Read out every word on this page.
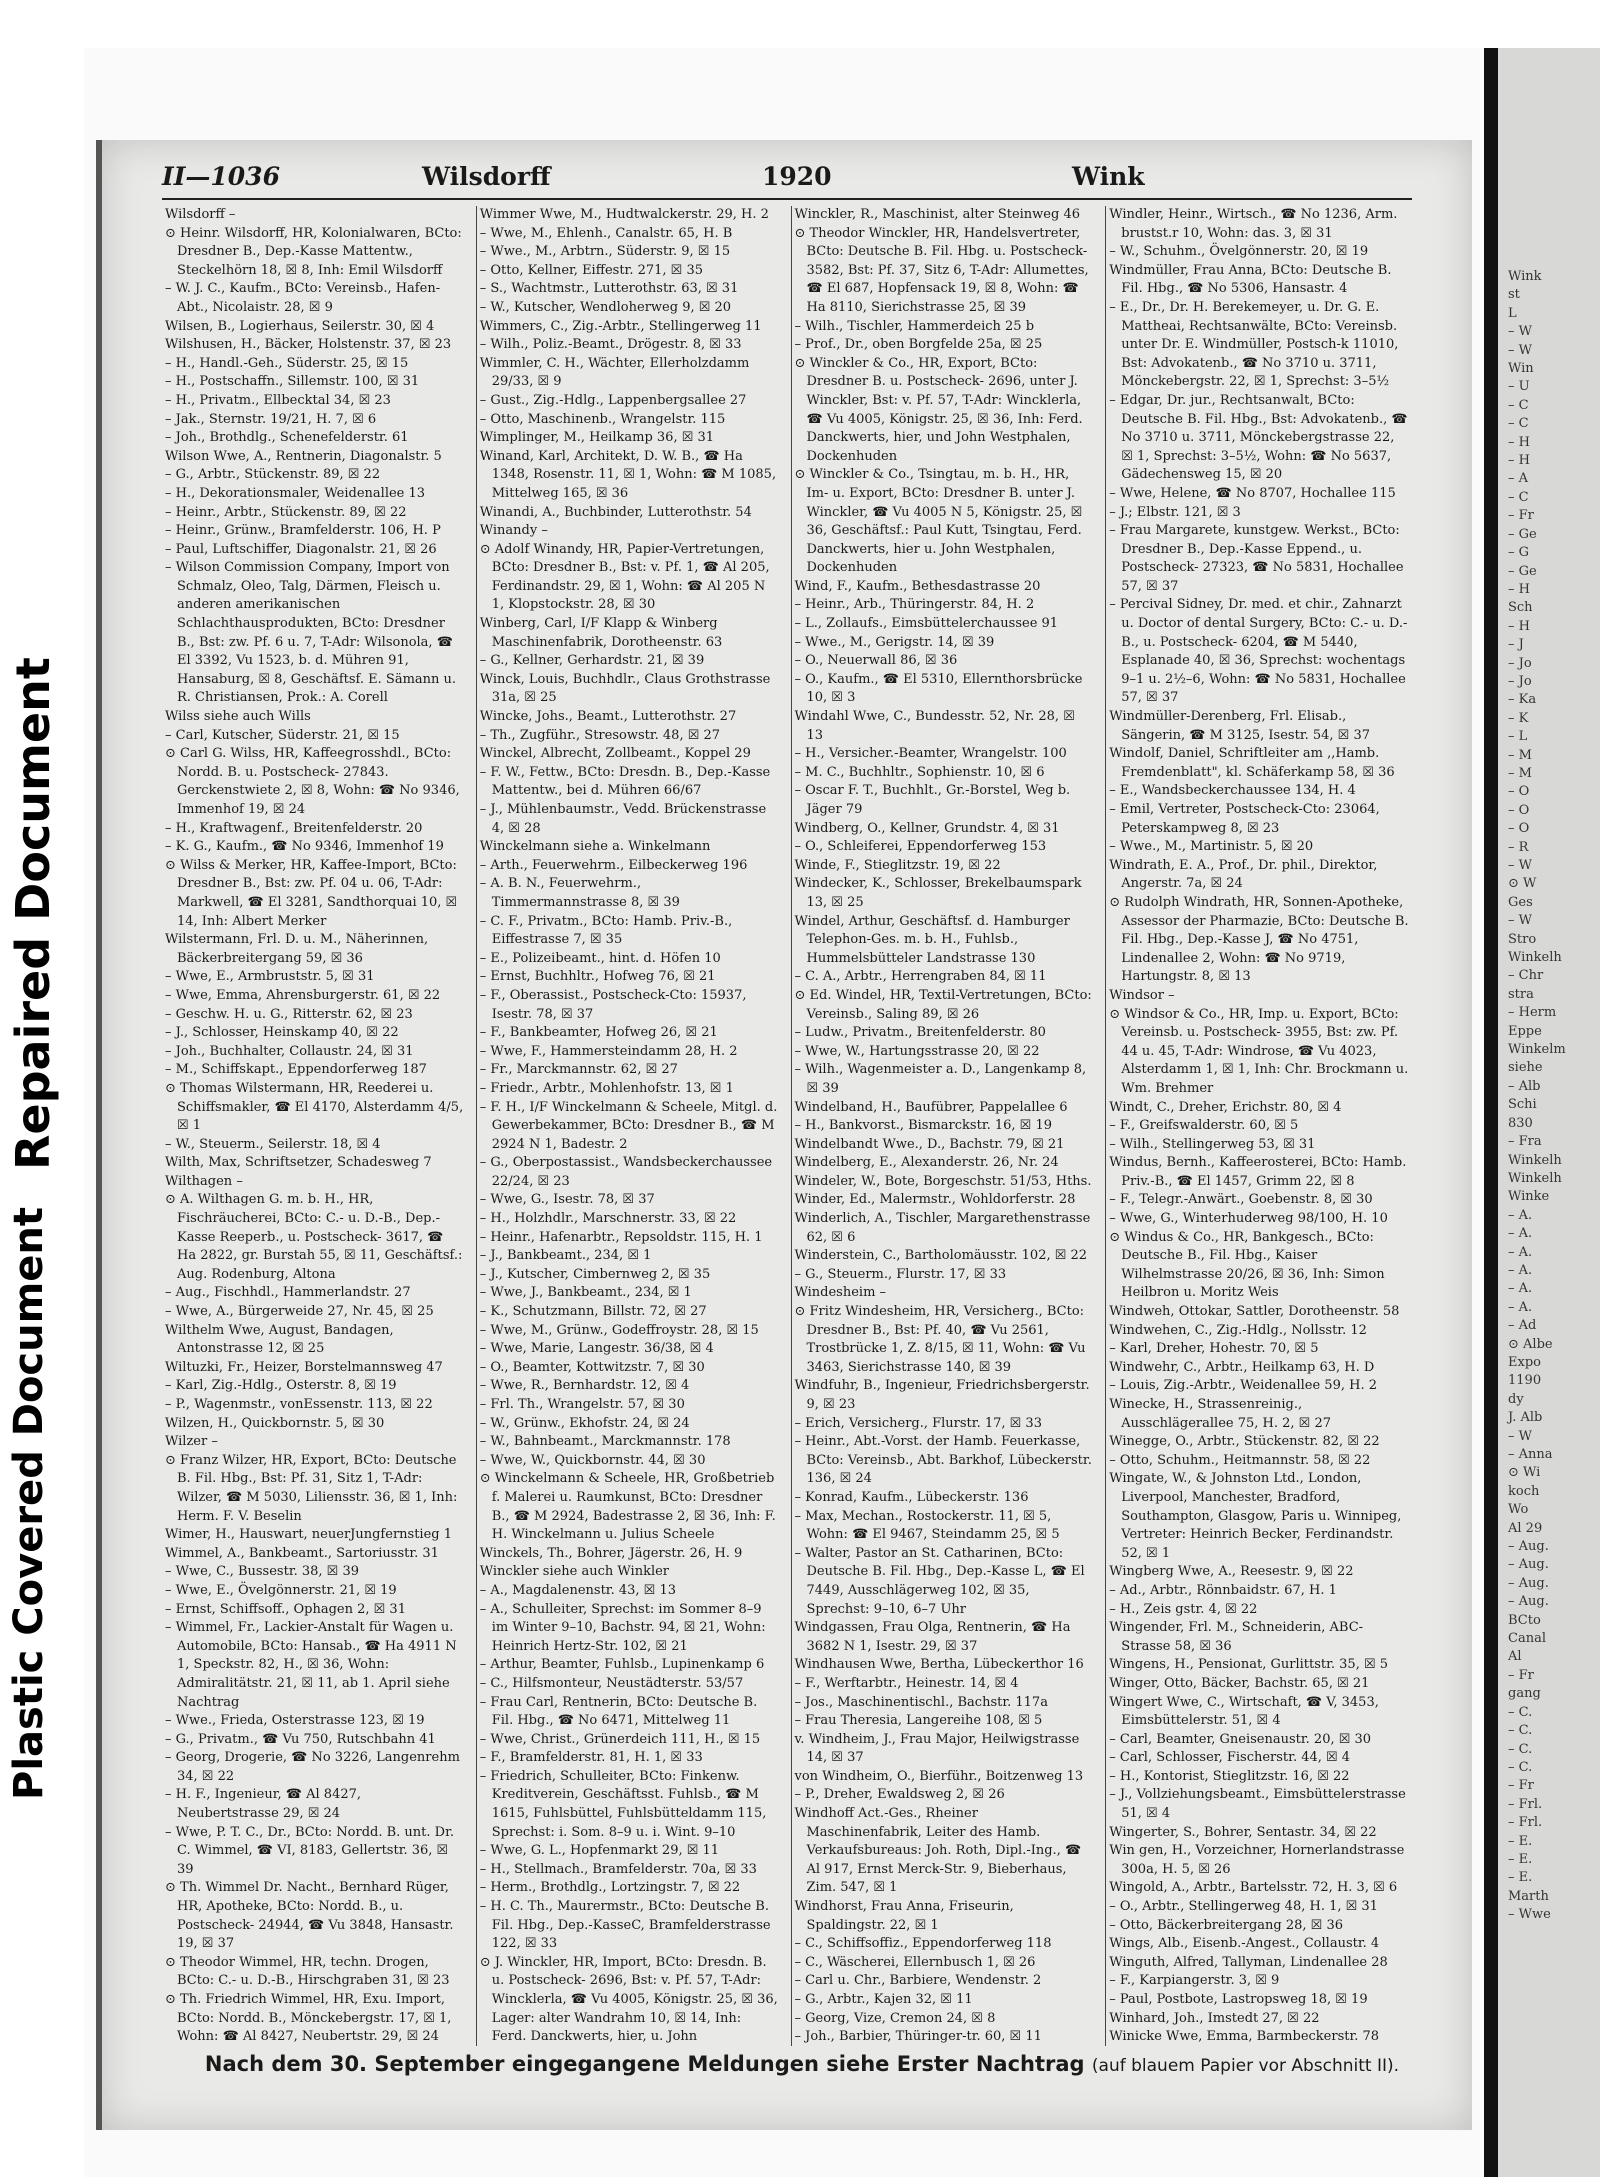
Repaired Document
Plastic Covered Document
II—1036	Wilsdorff	1920	Wink

Wilsdorff –

⊙ Heinr. Wilsdorff, HR, Kolonialwaren, BCto: Dresdner B., Dep.-Kasse Mattentw., Steckelhörn 18, ☒ 8, Inh: Emil Wilsdorff

– W. J. C., Kaufm., BCto: Vereinsb., Hafen-Abt., Nicolaistr. 28, ☒ 9

Wilsen, B., Logierhaus, Seilerstr. 30, ☒ 4

Wilshusen, H., Bäcker, Holstenstr. 37, ☒ 23

– H., Handl.-Geh., Süderstr. 25, ☒ 15

– H., Postschaffn., Sillemstr. 100, ☒ 31

– H., Privatm., Ellbecktal 34, ☒ 23

– Jak., Sternstr. 19/21, H. 7, ☒ 6

– Joh., Brothdlg., Schenefelderstr. 61

Wilson Wwe, A., Rentnerin, Diagonalstr. 5

– G., Arbtr., Stückenstr. 89, ☒ 22

– H., Dekorationsmaler, Weidenallee 13

– Heinr., Arbtr., Stückenstr. 89, ☒ 22

– Heinr., Grünw., Bramfelderstr. 106, H. P

– Paul, Luftschiffer, Diagonalstr. 21, ☒ 26

– Wilson Commission Company, Import von Schmalz, Oleo, Talg, Därmen, Fleisch u. anderen amerikanischen Schlachthausprodukten, BCto: Dresdner B., Bst: zw. Pf. 6 u. 7, T-Adr: Wilsonola, ☎ El 3392, Vu 1523, b. d. Mühren 91, Hansaburg, ☒ 8, Geschäftsf. E. Sämann u. R. Christiansen, Prok.: A. Corell

Wilss siehe auch Wills

– Carl, Kutscher, Süderstr. 21, ☒ 15

⊙ Carl G. Wilss, HR, Kaffeegrosshdl., BCto: Nordd. B. u. Postscheck- 27843. Gerckenstwiete 2, ☒ 8, Wohn: ☎ No 9346, Immenhof 19, ☒ 24

– H., Kraftwagenf., Breitenfelderstr. 20

– K. G., Kaufm., ☎ No 9346, Immenhof 19

⊙ Wilss & Merker, HR, Kaffee-Import, BCto: Dresdner B., Bst: zw. Pf. 04 u. 06, T-Adr: Markwell, ☎ El 3281, Sandthorquai 10, ☒ 14, Inh: Albert Merker

Wilstermann, Frl. D. u. M., Näherinnen, Bäckerbreitergang 59, ☒ 36

– Wwe, E., Armbruststr. 5, ☒ 31

– Wwe, Emma, Ahrensburgerstr. 61, ☒ 22

– Geschw. H. u. G., Ritterstr. 62, ☒ 23

– J., Schlosser, Heinskamp 40, ☒ 22

– Joh., Buchhalter, Collaustr. 24, ☒ 31

– M., Schiffskapt., Eppendorferweg 187

⊙ Thomas Wilstermann, HR, Reederei u. Schiffsmakler, ☎ El 4170, Alsterdamm 4/5, ☒ 1

– W., Steuerm., Seilerstr. 18, ☒ 4

Wilth, Max, Schriftsetzer, Schadesweg 7

Wilthagen –

⊙ A. Wilthagen G. m. b. H., HR, Fischräucherei, BCto: C.- u. D.-B., Dep.-Kasse Reeperb., u. Postscheck- 3617, ☎ Ha 2822, gr. Burstah 55, ☒ 11, Geschäftsf.: Aug. Rodenburg, Altona

– Aug., Fischhdl., Hammerlandstr. 27

– Wwe, A., Bürgerweide 27, Nr. 45, ☒ 25

Wilthelm Wwe, August, Bandagen, Antonstrasse 12, ☒ 25

Wiltuzki, Fr., Heizer, Borstelmannsweg 47

– Karl, Zig.-Hdlg., Osterstr. 8, ☒ 19

– P., Wagenmstr., vonEssenstr. 113, ☒ 22

Wilzen, H., Quickbornstr. 5, ☒ 30

Wilzer –

⊙ Franz Wilzer, HR, Export, BCto: Deutsche B. Fil. Hbg., Bst: Pf. 31, Sitz 1, T-Adr: Wilzer, ☎ M 5030, Liliensstr. 36, ☒ 1, Inh: Herm. F. V. Beselin

Wimer, H., Hauswart, neuerJungfernstieg 1

Wimmel, A., Bankbeamt., Sartoriusstr. 31

– Wwe, C., Bussestr. 38, ☒ 39

– Wwe, E., Övelgönnerstr. 21, ☒ 19

– Ernst, Schiffsoff., Ophagen 2, ☒ 31

– Wimmel, Fr., Lackier-Anstalt für Wagen u. Automobile, BCto: Hansab., ☎ Ha 4911 N 1, Speckstr. 82, H., ☒ 36, Wohn: Admiralitätstr. 21, ☒ 11, ab 1. April siehe Nachtrag

– Wwe., Frieda, Osterstrasse 123, ☒ 19

– G., Privatm., ☎ Vu 750, Rutschbahn 41

– Georg, Drogerie, ☎ No 3226, Langenrehm 34, ☒ 22

– H. F., Ingenieur, ☎ Al 8427, Neubertstrasse 29, ☒ 24

– Wwe, P. T. C., Dr., BCto: Nordd. B. unt. Dr. C. Wimmel, ☎ VI, 8183, Gellertstr. 36, ☒ 39

⊙ Th. Wimmel Dr. Nacht., Bernhard Rüger, HR, Apotheke, BCto: Nordd. B., u. Postscheck- 24944, ☎ Vu 3848, Hansastr. 19, ☒ 37

⊙ Theodor Wimmel, HR, techn. Drogen, BCto: C.- u. D.-B., Hirschgraben 31, ☒ 23

⊙ Th. Friedrich Wimmel, HR, Exu. Import, BCto: Nordd. B., Mönckebergstr. 17, ☒ 1, Wohn: ☎ Al 8427, Neubertstr. 29, ☒ 24

Wimmer Wwe, M., Hudtwalckerstr. 29, H. 2

– Wwe, M., Ehlenh., Canalstr. 65, H. B

– Wwe., M., Arbtrn., Süderstr. 9, ☒ 15

– Otto, Kellner, Eiffestr. 271, ☒ 35

– S., Wachtmstr., Lutterothstr. 63, ☒ 31

– W., Kutscher, Wendloherweg 9, ☒ 20

Wimmers, C., Zig.-Arbtr., Stellingerweg 11

– Wilh., Poliz.-Beamt., Drögestr. 8, ☒ 33

Wimmler, C. H., Wächter, Ellerholzdamm 29/33, ☒ 9

– Gust., Zig.-Hdlg., Lappenbergsallee 27

– Otto, Maschinenb., Wrangelstr. 115

Wimplinger, M., Heilkamp 36, ☒ 31

Winand, Karl, Architekt, D. W. B., ☎ Ha 1348, Rosenstr. 11, ☒ 1, Wohn: ☎ M 1085, Mittelweg 165, ☒ 36

Winandi, A., Buchbinder, Lutterothstr. 54

Winandy –

⊙ Adolf Winandy, HR, Papier-Vertretungen, BCto: Dresdner B., Bst: v. Pf. 1, ☎ Al 205, Ferdinandstr. 29, ☒ 1, Wohn: ☎ Al 205 N 1, Klopstockstr. 28, ☒ 30

Winberg, Carl, I/F Klapp & Winberg Maschinenfabrik, Dorotheenstr. 63

– G., Kellner, Gerhardstr. 21, ☒ 39

Winck, Louis, Buchhdlr., Claus Grothstrasse 31a, ☒ 25

Wincke, Johs., Beamt., Lutterothstr. 27

– Th., Zugführ., Stresowstr. 48, ☒ 27

Winckel, Albrecht, Zollbeamt., Koppel 29

– F. W., Fettw., BCto: Dresdn. B., Dep.-Kasse Mattentw., bei d. Mühren 66/67

– J., Mühlenbaumstr., Vedd. Brückenstrasse 4, ☒ 28

Winckelmann siehe a. Winkelmann

– Arth., Feuerwehrm., Eilbeckerweg 196

– A. B. N., Feuerwehrm., Timmermannstrasse 8, ☒ 39

– C. F., Privatm., BCto: Hamb. Priv.-B., Eiffestrasse 7, ☒ 35

– E., Polizeibeamt., hint. d. Höfen 10

– Ernst, Buchhltr., Hofweg 76, ☒ 21

– F., Oberassist., Postscheck-Cto: 15937, Isestr. 78, ☒ 37

– F., Bankbeamter, Hofweg 26, ☒ 21

– Wwe, F., Hammersteindamm 28, H. 2

– Fr., Marckmannstr. 62, ☒ 27

– Friedr., Arbtr., Mohlenhofstr. 13, ☒ 1

– F. H., I/F Winckelmann & Scheele, Mitgl. d. Gewerbekammer, BCto: Dresdner B., ☎ M 2924 N 1, Badestr. 2

– G., Oberpostassist., Wandsbeckerchaussee 22/24, ☒ 23

– Wwe, G., Isestr. 78, ☒ 37

– H., Holzhdlr., Marschnerstr. 33, ☒ 22

– Heinr., Hafenarbtr., Repsoldstr. 115, H. 1

– J., Bankbeamt., 234, ☒ 1

– J., Kutscher, Cimbernweg 2, ☒ 35

– Wwe, J., Bankbeamt., 234, ☒ 1

– K., Schutzmann, Billstr. 72, ☒ 27

– Wwe, M., Grünw., Godeffroystr. 28, ☒ 15

– Wwe, Marie, Langestr. 36/38, ☒ 4

– O., Beamter, Kottwitzstr. 7, ☒ 30

– Wwe, R., Bernhardstr. 12, ☒ 4

– Frl. Th., Wrangelstr. 57, ☒ 30

– W., Grünw., Ekhofstr. 24, ☒ 24

– W., Bahnbeamt., Marckmannstr. 178

– Wwe, W., Quickbornstr. 44, ☒ 30

⊙ Winckelmann & Scheele, HR, Großbetrieb f. Malerei u. Raumkunst, BCto: Dresdner B., ☎ M 2924, Badestrasse 2, ☒ 36, Inh: F. H. Winckelmann u. Julius Scheele

Winckels, Th., Bohrer, Jägerstr. 26, H. 9

Winckler siehe auch Winkler

– A., Magdalenenstr. 43, ☒ 13

– A., Schulleiter, Sprechst: im Sommer 8–9 im Winter 9–10, Bachstr. 94, ☒ 21, Wohn: Heinrich Hertz-Str. 102, ☒ 21

– Arthur, Beamter, Fuhlsb., Lupinenkamp 6

– C., Hilfsmonteur, Neustädterstr. 53/57

– Frau Carl, Rentnerin, BCto: Deutsche B. Fil. Hbg., ☎ No 6471, Mittelweg 11

– Wwe, Christ., Grünerdeich 111, H., ☒ 15

– F., Bramfelderstr. 81, H. 1, ☒ 33

– Friedrich, Schulleiter, BCto: Finkenw. Kreditverein, Geschäftsst. Fuhlsb., ☎ M 1615, Fuhlsbüttel, Fuhlsbütteldamm 115, Sprechst: i. Som. 8–9 u. i. Wint. 9–10

– Wwe, G. L., Hopfenmarkt 29, ☒ 11

– H., Stellmach., Bramfelderstr. 70a, ☒ 33

– Herm., Brothdlg., Lortzingstr. 7, ☒ 22

– H. C. Th., Maurermstr., BCto: Deutsche B. Fil. Hbg., Dep.-KasseC, Bramfelderstrasse 122, ☒ 33

⊙ J. Winckler, HR, Import, BCto: Dresdn. B. u. Postscheck- 2696, Bst: v. Pf. 57, T-Adr: Wincklerla, ☎ Vu 4005, Königstr. 25, ☒ 36, Lager: alter Wandrahm 10, ☒ 14, Inh: Ferd. Danckwerts, hier, u. John

Winckler, R., Maschinist, alter Steinweg 46

⊙ Theodor Winckler, HR, Handelsvertreter, BCto: Deutsche B. Fil. Hbg. u. Postscheck- 3582, Bst: Pf. 37, Sitz 6, T-Adr: Allumettes, ☎ El 687, Hopfensack 19, ☒ 8, Wohn: ☎ Ha 8110, Sierichstrasse 25, ☒ 39

– Wilh., Tischler, Hammerdeich 25 b

– Prof., Dr., oben Borgfelde 25a, ☒ 25

⊙ Winckler & Co., HR, Export, BCto: Dresdner B. u. Postscheck- 2696, unter J. Winckler, Bst: v. Pf. 57, T-Adr: Wincklerla, ☎ Vu 4005, Königstr. 25, ☒ 36, Inh: Ferd. Danckwerts, hier, und John Westphalen, Dockenhuden

⊙ Winckler & Co., Tsingtau, m. b. H., HR, Im- u. Export, BCto: Dresdner B. unter J. Winckler, ☎ Vu 4005 N 5, Königstr. 25, ☒ 36, Geschäftsf.: Paul Kutt, Tsingtau, Ferd. Danckwerts, hier u. John Westphalen, Dockenhuden

Wind, F., Kaufm., Bethesdastrasse 20

– Heinr., Arb., Thüringerstr. 84, H. 2

– L., Zollaufs., Eimsbüttelerchaussee 91

– Wwe., M., Gerigstr. 14, ☒ 39

– O., Neuerwall 86, ☒ 36

– O., Kaufm., ☎ El 5310, Ellernthorsbrücke 10, ☒ 3

Windahl Wwe, C., Bundesstr. 52, Nr. 28, ☒ 13

– H., Versicher.-Beamter, Wrangelstr. 100

– M. C., Buchhltr., Sophienstr. 10, ☒ 6

– Oscar F. T., Buchhlt., Gr.-Borstel, Weg b. Jäger 79

Windberg, O., Kellner, Grundstr. 4, ☒ 31

– O., Schleiferei, Eppendorferweg 153

Winde, F., Stieglitzstr. 19, ☒ 22

Windecker, K., Schlosser, Brekelbaumspark 13, ☒ 25

Windel, Arthur, Geschäftsf. d. Hamburger Telephon-Ges. m. b. H., Fuhlsb., Hummelsbütteler Landstrasse 130

– C. A., Arbtr., Herrengraben 84, ☒ 11

⊙ Ed. Windel, HR, Textil-Vertretungen, BCto: Vereinsb., Saling 89, ☒ 26

– Ludw., Privatm., Breitenfelderstr. 80

– Wwe, W., Hartungsstrasse 20, ☒ 22

– Wilh., Wagenmeister a. D., Langenkamp 8, ☒ 39

Windelband, H., Baufübrer, Pappelallee 6

– H., Bankvorst., Bismarckstr. 16, ☒ 19

Windelbandt Wwe., D., Bachstr. 79, ☒ 21

Windelberg, E., Alexanderstr. 26, Nr. 24

Windeler, W., Bote, Borgeschstr. 51/53, Hths.

Winder, Ed., Malermstr., Wohldorferstr. 28

Winderlich, A., Tischler, Margarethenstrasse 62, ☒ 6

Winderstein, C., Bartholomäusstr. 102, ☒ 22

– G., Steuerm., Flurstr. 17, ☒ 33

Windesheim –

⊙ Fritz Windesheim, HR, Versicherg., BCto: Dresdner B., Bst: Pf. 40, ☎ Vu 2561, Trostbrücke 1, Z. 8/15, ☒ 11, Wohn: ☎ Vu 3463, Sierichstrasse 140, ☒ 39

Windfuhr, B., Ingenieur, Friedrichsbergerstr. 9, ☒ 23

– Erich, Versicherg., Flurstr. 17, ☒ 33

– Heinr., Abt.-Vorst. der Hamb. Feuerkasse, BCto: Vereinsb., Abt. Barkhof, Lübeckerstr. 136, ☒ 24

– Konrad, Kaufm., Lübeckerstr. 136

– Max, Mechan., Rostockerstr. 11, ☒ 5, Wohn: ☎ El 9467, Steindamm 25, ☒ 5

– Walter, Pastor an St. Catharinen, BCto: Deutsche B. Fil. Hbg., Dep.-Kasse L, ☎ El 7449, Ausschlägerweg 102, ☒ 35, Sprechst: 9–10, 6–7 Uhr

Windgassen, Frau Olga, Rentnerin, ☎ Ha 3682 N 1, Isestr. 29, ☒ 37

Windhausen Wwe, Bertha, Lübeckerthor 16

– F., Werftarbtr., Heinestr. 14, ☒ 4

– Jos., Maschinentischl., Bachstr. 117a

– Frau Theresia, Langereihe 108, ☒ 5

v. Windheim, J., Frau Major, Heilwigstrasse 14, ☒ 37

von Windheim, O., Bierführ., Boitzenweg 13

– P., Dreher, Ewaldsweg 2, ☒ 26

Windhoff Act.-Ges., Rheiner Maschinenfabrik, Leiter des Hamb. Verkaufsbureaus: Joh. Roth, Dipl.-Ing., ☎ Al 917, Ernst Merck-Str. 9, Bieberhaus, Zim. 547, ☒ 1

Windhorst, Frau Anna, Friseurin, Spaldingstr. 22, ☒ 1

– C., Schiffsoffiz., Eppendorferweg 118

– C., Wäscherei, Ellernbusch 1, ☒ 26

– Carl u. Chr., Barbiere, Wendenstr. 2

– G., Arbtr., Kajen 32, ☒ 11

– Georg, Vize, Cremon 24, ☒ 8

– Joh., Barbier, Thüringer-tr. 60, ☒ 11

Windler, Heinr., Wirtsch., ☎ No 1236, Arm. brustst.r 10, Wohn: das. 3, ☒ 31

– W., Schuhm., Övelgönnerstr. 20, ☒ 19

Windmüller, Frau Anna, BCto: Deutsche B. Fil. Hbg., ☎ No 5306, Hansastr. 4

– E., Dr., Dr. H. Berekemeyer, u. Dr. G. E. Mattheai, Rechtsanwälte, BCto: Vereinsb. unter Dr. E. Windmüller, Postsch-k 11010, Bst: Advokatenb., ☎ No 3710 u. 3711, Mönckebergstr. 22, ☒ 1, Sprechst: 3–5½

– Edgar, Dr. jur., Rechtsanwalt, BCto: Deutsche B. Fil. Hbg., Bst: Advokatenb., ☎ No 3710 u. 3711, Mönckebergstrasse 22, ☒ 1, Sprechst: 3–5½, Wohn: ☎ No 5637, Gädechensweg 15, ☒ 20

– Wwe, Helene, ☎ No 8707, Hochallee 115

– J.; Elbstr. 121, ☒ 3

– Frau Margarete, kunstgew. Werkst., BCto: Dresdner B., Dep.-Kasse Eppend., u. Postscheck- 27323, ☎ No 5831, Hochallee 57, ☒ 37

– Percival Sidney, Dr. med. et chir., Zahnarzt u. Doctor of dental Surgery, BCto: C.- u. D.-B., u. Postscheck- 6204, ☎ M 5440, Esplanade 40, ☒ 36, Sprechst: wochentags 9–1 u. 2½–6, Wohn: ☎ No 5831, Hochallee 57, ☒ 37

Windmüller-Derenberg, Frl. Elisab., Sängerin, ☎ M 3125, Isestr. 54, ☒ 37

Windolf, Daniel, Schriftleiter am ,,Hamb. Fremdenblatt", kl. Schäferkamp 58, ☒ 36

– E., Wandsbeckerchaussee 134, H. 4

– Emil, Vertreter, Postscheck-Cto: 23064, Peterskampweg 8, ☒ 23

– Wwe., M., Martinistr. 5, ☒ 20

Windrath, E. A., Prof., Dr. phil., Direktor, Angerstr. 7a, ☒ 24

⊙ Rudolph Windrath, HR, Sonnen-Apotheke, Assessor der Pharmazie, BCto: Deutsche B. Fil. Hbg., Dep.-Kasse J, ☎ No 4751, Lindenallee 2, Wohn: ☎ No 9719, Hartungstr. 8, ☒ 13

Windsor –

⊙ Windsor & Co., HR, Imp. u. Export, BCto: Vereinsb. u. Postscheck- 3955, Bst: zw. Pf. 44 u. 45, T-Adr: Windrose, ☎ Vu 4023, Alsterdamm 1, ☒ 1, Inh: Chr. Brockmann u. Wm. Brehmer

Windt, C., Dreher, Erichstr. 80, ☒ 4

– F., Greifswalderstr. 60, ☒ 5

– Wilh., Stellingerweg 53, ☒ 31

Windus, Bernh., Kaffeerosterei, BCto: Hamb. Priv.-B., ☎ El 1457, Grimm 22, ☒ 8

– F., Telegr.-Anwärt., Goebenstr. 8, ☒ 30

– Wwe, G., Winterhuderweg 98/100, H. 10

⊙ Windus & Co., HR, Bankgesch., BCto: Deutsche B., Fil. Hbg., Kaiser Wilhelmstrasse 20/26, ☒ 36, Inh: Simon Heilbron u. Moritz Weis

Windweh, Ottokar, Sattler, Dorotheenstr. 58

Windwehen, C., Zig.-Hdlg., Nollsstr. 12

– Karl, Dreher, Hohestr. 70, ☒ 5

Windwehr, C., Arbtr., Heilkamp 63, H. D

– Louis, Zig.-Arbtr., Weidenallee 59, H. 2

Winecke, H., Strassenreinig., Ausschlägerallee 75, H. 2, ☒ 27

Winegge, O., Arbtr., Stückenstr. 82, ☒ 22

– Otto, Schuhm., Heitmannstr. 58, ☒ 22

Wingate, W., & Johnston Ltd., London, Liverpool, Manchester, Bradford, Southampton, Glasgow, Paris u. Winnipeg, Vertreter: Heinrich Becker, Ferdinandstr. 52, ☒ 1

Wingberg Wwe, A., Reesestr. 9, ☒ 22

– Ad., Arbtr., Rönnbaidstr. 67, H. 1

– H., Zeis gstr. 4, ☒ 22

Wingender, Frl. M., Schneiderin, ABC-Strasse 58, ☒ 36

Wingens, H., Pensionat, Gurlittstr. 35, ☒ 5

Winger, Otto, Bäcker, Bachstr. 65, ☒ 21

Wingert Wwe, C., Wirtschaft, ☎ V, 3453, Eimsbüttelerstr. 51, ☒ 4

– Carl, Beamter, Gneisenaustr. 20, ☒ 30

– Carl, Schlosser, Fischerstr. 44, ☒ 4

– H., Kontorist, Stieglitzstr. 16, ☒ 22

– J., Vollziehungsbeamt., Eimsbüttelerstrasse 51, ☒ 4

Wingerter, S., Bohrer, Sentastr. 34, ☒ 22

Win gen, H., Vorzeichner, Hornerlandstrasse 300a, H. 5, ☒ 26

Wingold, A., Arbtr., Bartelsstr. 72, H. 3, ☒ 6

– O., Arbtr., Stellingerweg 48, H. 1, ☒ 31

– Otto, Bäckerbreitergang 28, ☒ 36

Wings, Alb., Eisenb.-Angest., Collaustr. 4

Winguth, Alfred, Tallyman, Lindenallee 28

– F., Karpiangerstr. 3, ☒ 9

– Paul, Postbote, Lastropsweg 18, ☒ 19

Winhard, Joh., Imstedt 27, ☒ 22

Winicke Wwe, Emma, Barmbeckerstr. 78

Nach dem 30. September eingegangene Meldungen siehe Erster Nachtrag (auf blauem Papier vor Abschnitt II).
Wink
st
L
– W
– W
Win
– U
– C
– C
– H
– H
– A
– C
– Fr
– Ge
– G
– Ge
– H
Sch
– H
– J
– Jo
– Jo
– Ka
– K
– L
– M
– M
– O
– O
– O
– R
– W
⊙ W
Ges
– W
Stro
Winkelh
– Chr
stra
– Herm
Eppe
Winkelm
siehe
– Alb
Schi
830
– Fra
Winkelh
Winkelh
Winke
– A.
– A.
– A.
– A.
– A.
– A.
– Ad
⊙ Albe
Expo
1190
dy
J. Alb
– W
– Anna
⊙ Wi
koch
Wo
Al 29
– Aug.
– Aug.
– Aug.
– Aug.
BCto
Canal
Al
– Fr
gang
– C.
– C.
– C.
– C.
– Fr
– Frl.
– Frl.
– E.
– E.
– E.
Marth
– Wwe
